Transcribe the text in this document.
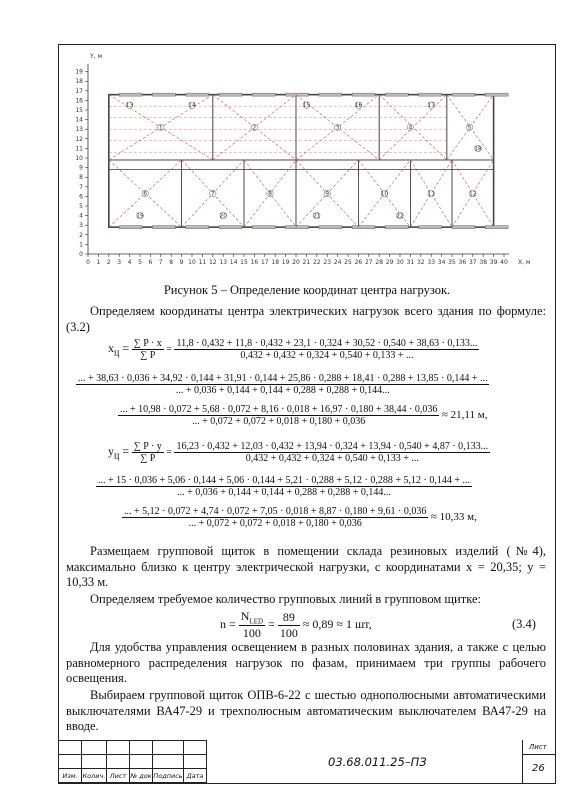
0 1 2 3 4 5 6 7 8 9 10 11 12 13 14 15 16 17 18 19 20 21 22 23 24 25 26 27 28 29 30 31 32 33 34 35 36 37 38 39 40
0
1
2
3
4
5
6
7
8
9
10
11
12
13
14
15
16
17
18
19
1	2	3	4	5
6	7	8	9	10	11	12
13	14	15	16	17
18
19	20	21	22
X, м
Y, м
Рисунок 5 – Определение координат центра нагрузок.
Определяем координаты центра электрических нагрузок всего здания по формуле: (3.2)
$x_ц = \frac{\sum P \cdot x}{\sum P}$ =
11,8 · 0,432 + 11,8 · 0,432 + 23,1 · 0,324 + 30,52 · 0,540 + 38,63 · 0,133...
0,432 + 0,432 + 0,324 + 0,540 + 0,133 + ...
... + 38,63 · 0,036 + 34,92 · 0,144 + 31,91 · 0,144 + 25,86 · 0,288 + 18,41 · 0,288 + 13,85 · 0,144 + ...
... + 0,036 + 0,144 + 0,144 + 0,288 + 0,288 + 0,144...
... + 10,98 · 0,072 + 5,68 · 0,072 + 8,16 · 0,018 + 16,97 · 0,180 + 38,44 · 0,036
... + 0,072 + 0,072 + 0,018 + 0,180 + 0,036
≈ 21,11 м,
$y_ц = \frac{\sum P \cdot y}{\sum P}$ =
16,23 · 0,432 + 12,03 · 0,432 + 13,94 · 0,324 + 13,94 · 0,540 + 4,87 · 0,133...
0,432 + 0,432 + 0,324 + 0,540 + 0,133 + ...
... + 15 · 0,036 + 5,06 · 0,144 + 5,06 · 0,144 + 5,21 · 0,288 + 5,12 · 0,288 + 5,12 · 0,144 + ...
... + 0,036 + 0,144 + 0,144 + 0,288 + 0,288 + 0,144...
... + 5,12 · 0,072 + 4,74 · 0,072 + 7,05 · 0,018 + 8,87 · 0,180 + 9,61 · 0,036
... + 0,072 + 0,072 + 0,018 + 0,180 + 0,036
≈ 10,33 м,
Размещаем групповой щиток в помещении склада резиновых изделий (№4), максимально близко к центру электрической нагрузки, с координатами х = 20,35; у = 10,33 м.
Определяем требуемое количество групповых линий в групповом щитке:
$n = \frac{N_{LED}}{100} = \frac{89}{100} \approx 0,89 \approx 1$ шт,	(3.4)
Для удобства управления освещением в разных половинах здания, а также с целью равномерного распределения нагрузок по фазам, принимаем три группы рабочего освещения.
Выбираем групповой щиток ОПВ-6-22 с шестью однополюсными автоматическими выключателями ВА47-29 и трехполюсным автоматическим выключателем ВА47-29 на вводе.

Изм.	Колич.	Лист	№ док	Подпись	Дата
03.68.011.25–ПЗ
Лист
26
